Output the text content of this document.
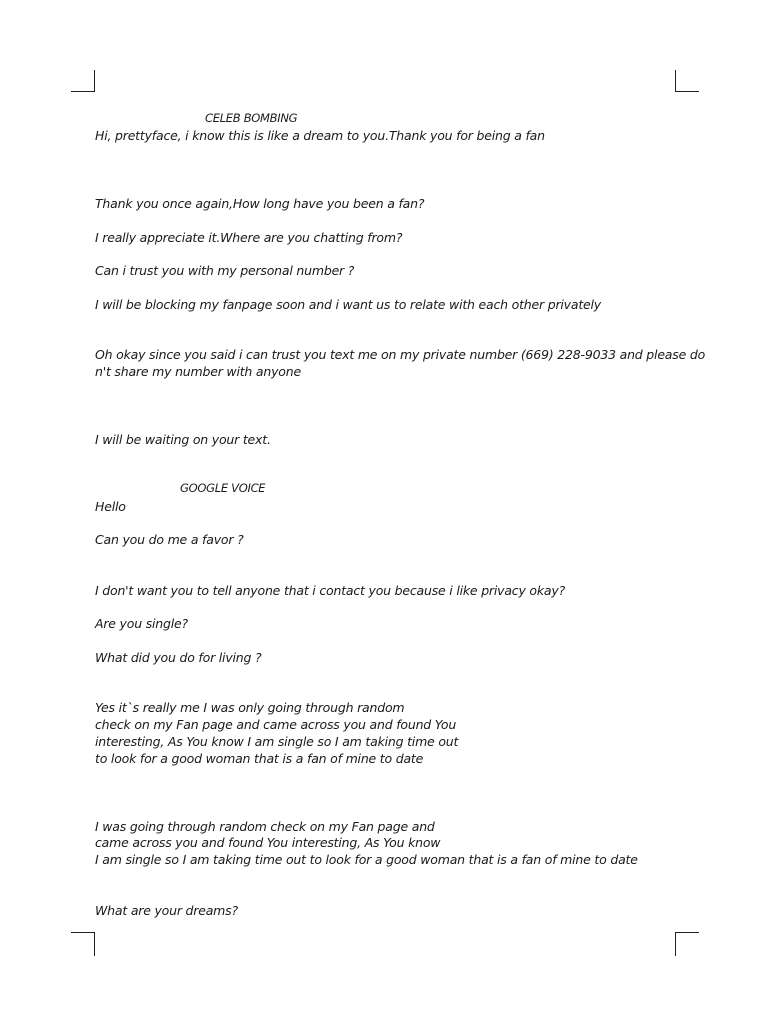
CELEB BOMBING
GOOGLE VOICE
Hi, prettyface, i know this is like a dream to you.Thank you for being a fan
Thank you once again,How long have you been a fan?
I really appreciate it.Where are you chatting from?
Can i trust you with my personal number ?
I will be blocking my fanpage soon and i want us to relate with each other privately
Oh okay since you said i can trust you text me on my private number (669) 228-9033 and please do
n't share my number with anyone
I will be waiting on your text.
Hello
Can you do me a favor ?
I don't want you to tell anyone that i contact you because i like privacy okay?
Are you single?
What did you do for living ?
Yes it`s really me I was only going through random
check on my Fan page and came across you and found You
interesting, As You know I am single so I am taking time out
to look for a good woman that is a fan of mine to date
I was going through random check on my Fan page and
came across you and found You interesting, As You know
I am single so I am taking time out to look for a good woman that is a fan of mine to date
What are your dreams?
